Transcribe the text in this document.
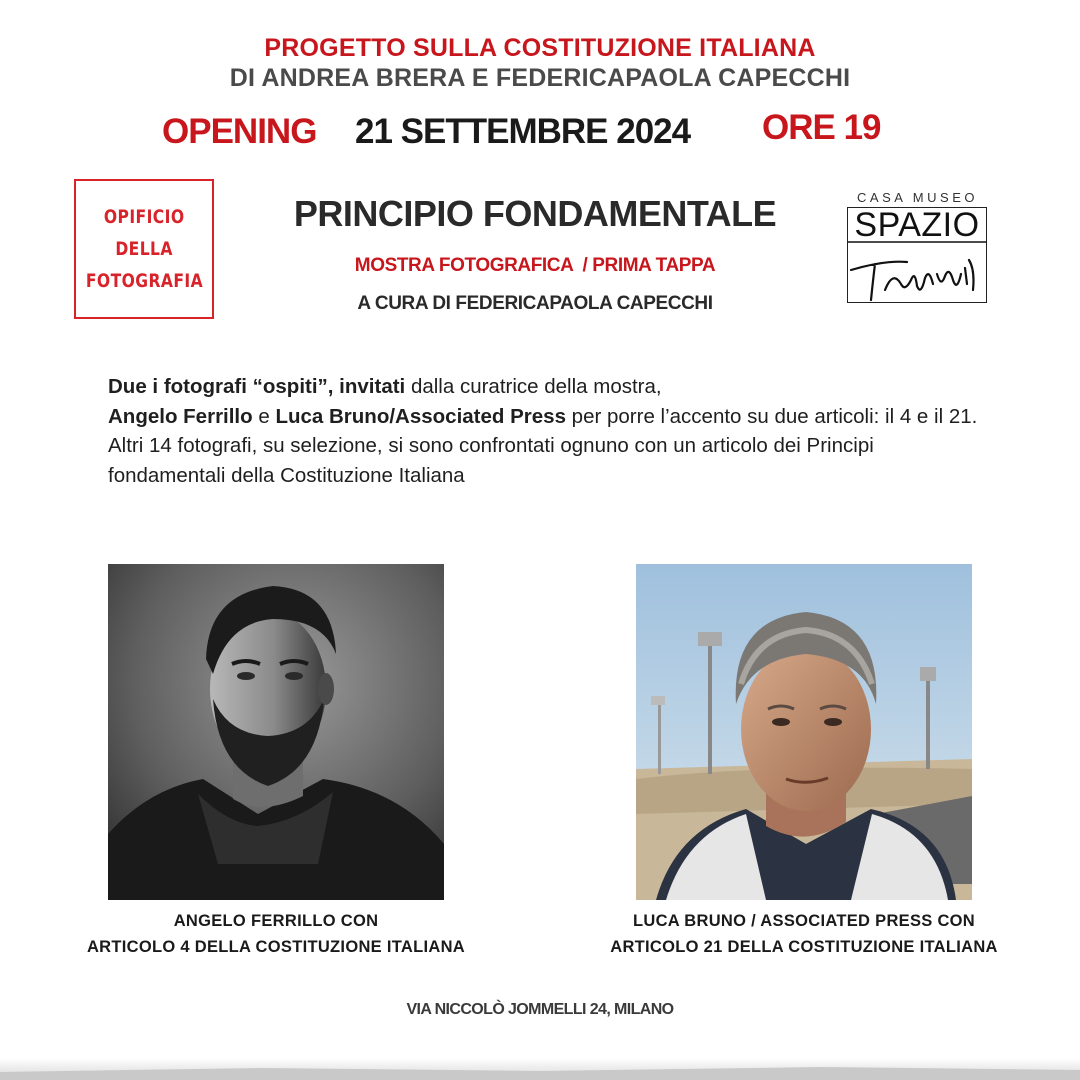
PROGETTO SULLA COSTITUZIONE ITALIANA
DI ANDREA BRERA E FEDERICAPAOLA CAPECCHI
OPENING 21 SETTEMBRE 2024 ORE 19
OPIFICIO
DELLA
FOTOGRAFIA
PRINCIPIO FONDAMENTALE
MOSTRA FOTOGRAFICA  / PRIMA TAPPA
A CURA DI FEDERICAPAOLA CAPECCHI
CASA MUSEO
SPAZIO

Due i fotografi “ospiti”, invitati dalla curatrice della mostra,
Angelo Ferrillo e Luca Bruno/Associated Press per porre l’accento su due articoli: il 4 e il 21.

Altri 14 fotografi, su selezione, si sono confrontati ognuno con un articolo dei Principi fondamentali della Costituzione Italiana

ANGELO FERRILLO CON
ARTICOLO 4 DELLA COSTITUZIONE ITALIANA
LUCA BRUNO / ASSOCIATED PRESS CON
ARTICOLO 21 DELLA COSTITUZIONE ITALIANA
VIA NICCOLÒ JOMMELLI 24, MILANO
